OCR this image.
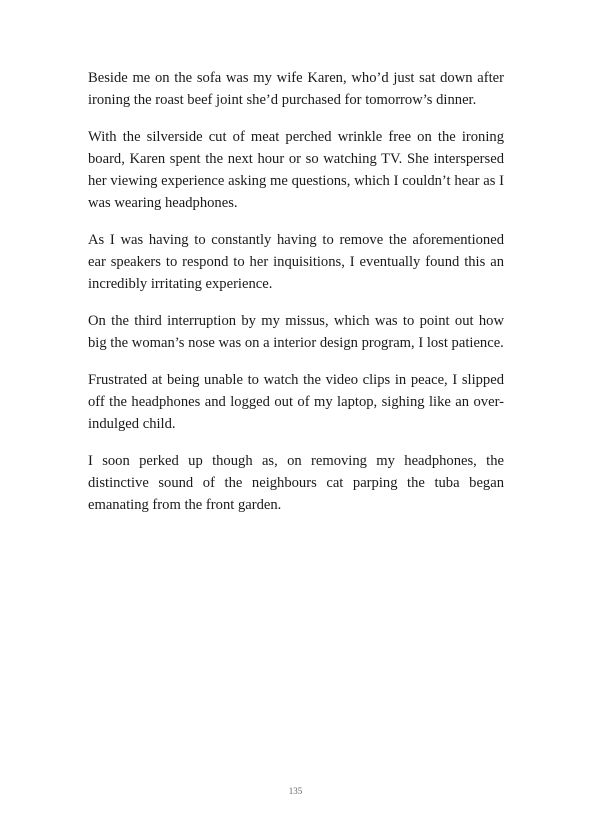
Beside me on the sofa was my wife Karen, who’d just sat down after ironing the roast beef joint she’d purchased for tomorrow’s dinner.

With the silverside cut of meat perched wrinkle free on the ironing board, Karen spent the next hour or so watching TV. She interspersed her viewing experience asking me questions, which I couldn’t hear as I was wearing headphones.

As I was having to constantly having to remove the aforementioned ear speakers to respond to her inquisitions, I eventually found this an incredibly irritating experience.

On the third interruption by my missus, which was to point out how big the woman’s nose was on a interior design program, I lost patience.

Frustrated at being unable to watch the video clips in peace, I slipped off the headphones and logged out of my laptop, sighing like an over-indulged child.

I soon perked up though as, on removing my headphones, the distinctive sound of the neighbours cat parping the tuba began emanating from the front garden.

135
